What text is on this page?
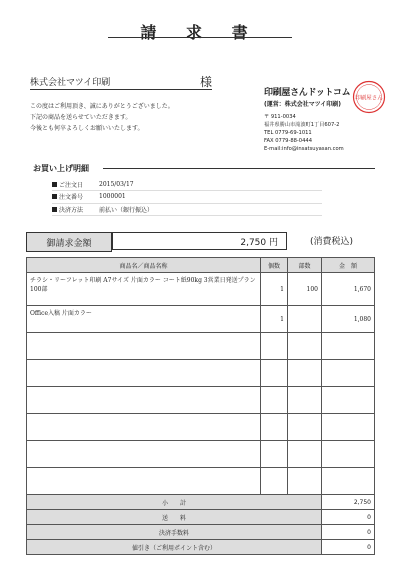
請 求 書
株式会社マツイ印刷	様
この度はご利用頂き、誠にありがとうございました。
下記の商品を送らせていただきます。
今後とも何卒よろしくお願いいたします。
印刷屋さんドットコム
(運営：株式会社マツイ印刷)
〒 911-0034
福井県勝山市滝波町1丁目607-2
TEL 0779-69-1011
FAX 0779-88-0444
E-mail:info@insatsuyasan.com
印刷屋さん
お買い上げ明細
ご注文日	2015/03/17
注文番号	1000001
決済方法	前払い（銀行振込）
御請求金額	2,750 円	(消費税込)
商品名／商品名称	個数	部数	金　額
チラシ・リーフレット印刷 A7サイズ 片面カラー コート紙90kg 3営業日発送プラン 100部	1	100	1,670
Office入稿 片面カラー	1		1,080

小　　計			2,750
送　　料			0
決済手数料			0
値引き（ご利用ポイント含む）			0
